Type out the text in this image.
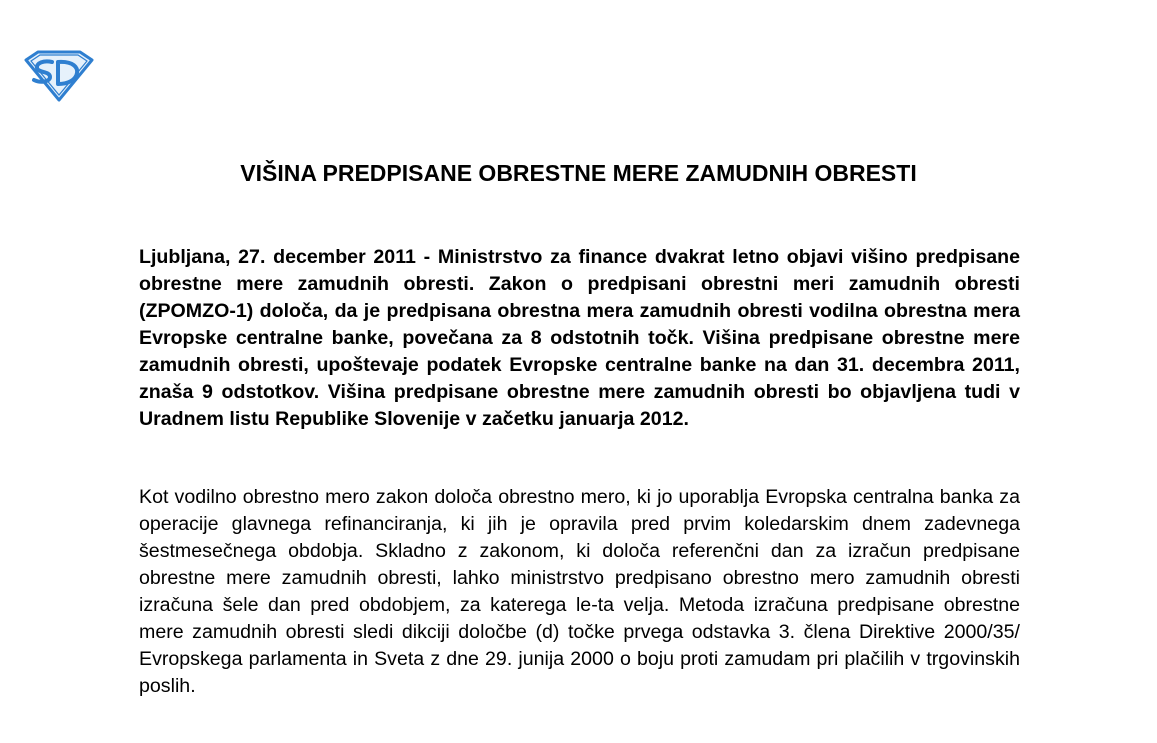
VIŠINA PREDPISANE OBRESTNE MERE ZAMUDNIH OBRESTI

Ljubljana, 27. december 2011 - Ministrstvo za finance dvakrat letno objavi višino predpisane obrestne mere zamudnih obresti. Zakon o predpisani obrestni meri zamudnih obresti (ZPOMZO-1) določa, da je predpisana obrestna mera zamudnih obresti vodilna obrestna mera Evropske centralne banke, povečana za 8 odstotnih točk. Višina predpisane obrestne mere zamudnih obresti, upoštevaje podatek Evropske centralne banke na dan 31. decembra 2011, znaša 9 odstotkov. Višina predpisane obrestne mere zamudnih obresti bo objavljena tudi v Uradnem listu Republike Slovenije v začetku januarja 2012.

Kot vodilno obrestno mero zakon določa obrestno mero, ki jo uporablja Evropska centralna banka za operacije glavnega refinanciranja, ki jih je opravila pred prvim koledarskim dnem zadevnega šestmesečnega obdobja. Skladno z zakonom, ki določa referenčni dan za izračun predpisane obrestne mere zamudnih obresti, lahko ministrstvo predpisano obrestno mero zamudnih obresti izračuna šele dan pred obdobjem, za katerega le-ta velja. Metoda izračuna predpisane obrestne mere zamudnih obresti sledi dikciji določbe (d) točke prvega odstavka 3. člena Direktive 2000/35/ Evropskega parlamenta in Sveta z dne 29. junija 2000 o boju proti zamudam pri plačilih v trgovinskih poslih.
